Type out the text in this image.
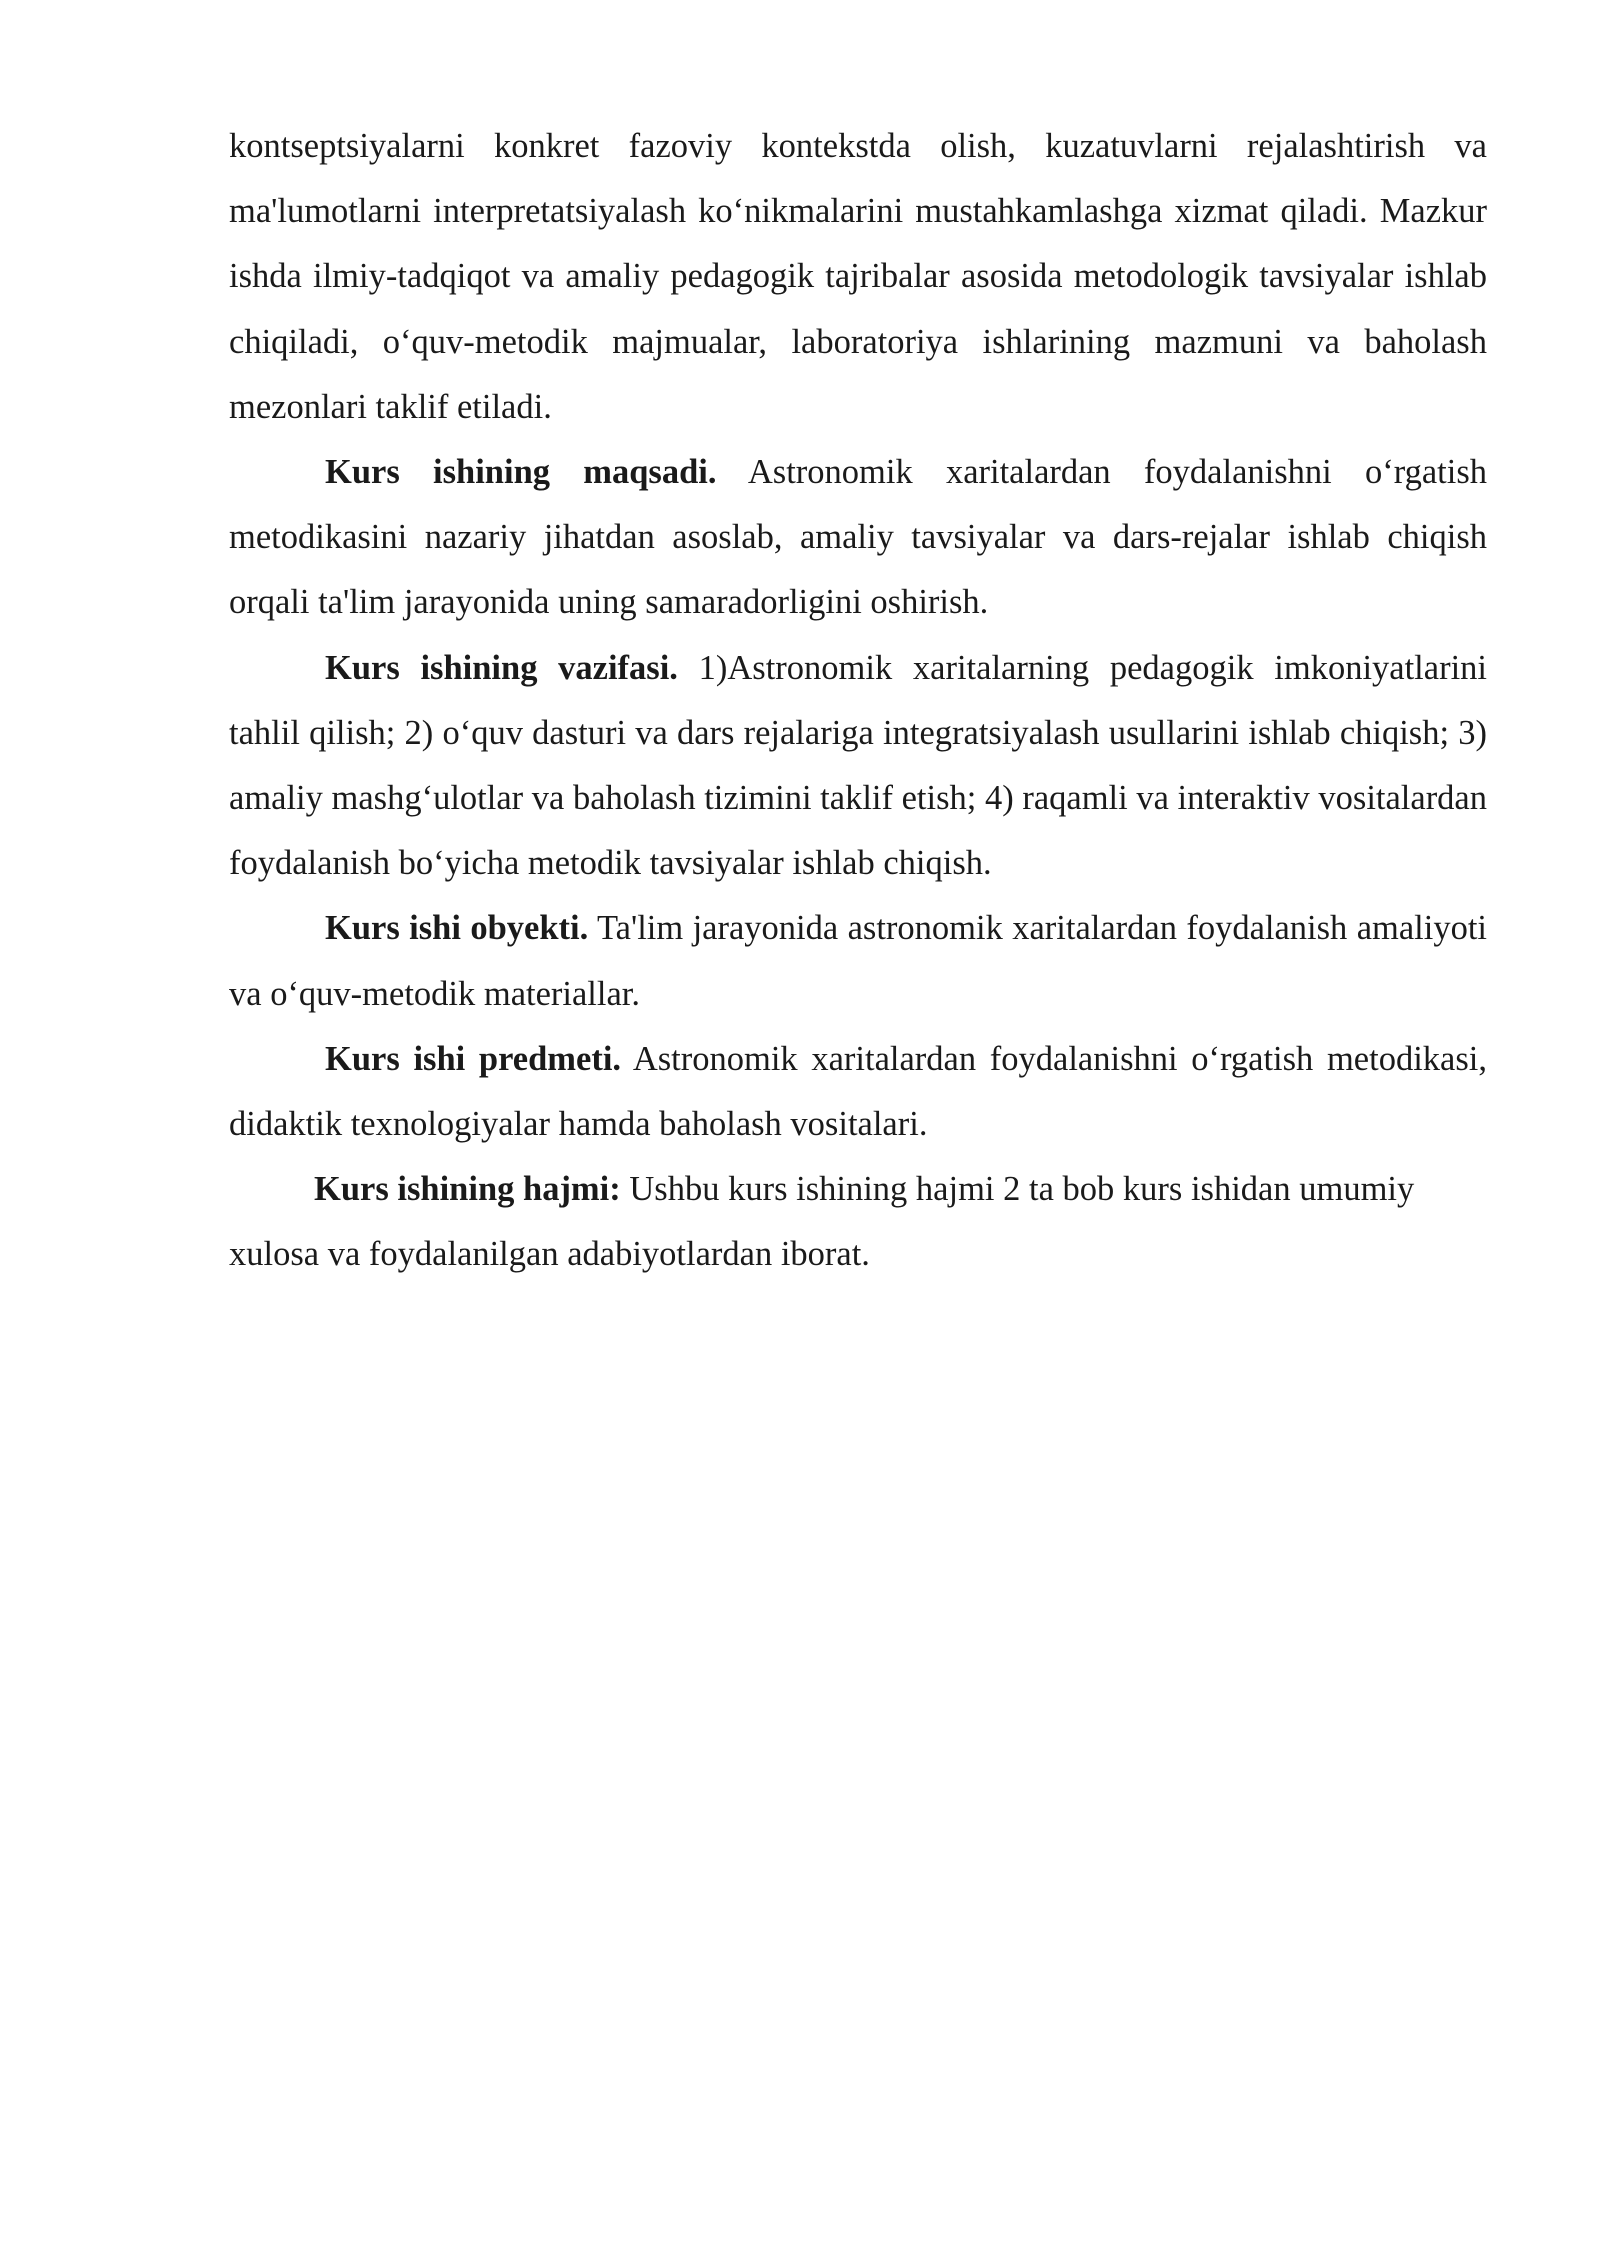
kontseptsiyalarni konkret fazoviy kontekstda olish, kuzatuvlarni rejalashtirish va ma'lumotlarni interpretatsiyalash ko‘nikmalarini mustahkamlashga xizmat qiladi. Mazkur ishda ilmiy-tadqiqot va amaliy pedagogik tajribalar asosida metodologik tavsiyalar ishlab chiqiladi, o‘quv-metodik majmualar, laboratoriya ishlarining mazmuni va baholash mezonlari taklif etiladi.

Kurs ishining maqsadi. Astronomik xaritalardan foydalanishni o‘rgatish metodikasini nazariy jihatdan asoslab, amaliy tavsiyalar va dars-rejalar ishlab chiqish orqali ta'lim jarayonida uning samaradorligini oshirish.

Kurs ishining vazifasi. 1)Astronomik xaritalarning pedagogik imkoniyatlarini tahlil qilish; 2) o‘quv dasturi va dars rejalariga integratsiyalash usullarini ishlab chiqish; 3) amaliy mashg‘ulotlar va baholash tizimini taklif etish; 4) raqamli va interaktiv vositalardan foydalanish bo‘yicha metodik tavsiyalar ishlab chiqish.

Kurs ishi obyekti. Ta'lim jarayonida astronomik xaritalardan foydalanish amaliyoti va o‘quv-metodik materiallar.

Kurs ishi predmeti. Astronomik xaritalardan foydalanishni o‘rgatish metodikasi, didaktik texnologiyalar hamda baholash vositalari.

Kurs ishining hajmi: Ushbu kurs ishining hajmi 2 ta bob kurs ishidan umumiy xulosa va foydalanilgan adabiyotlardan iborat.
